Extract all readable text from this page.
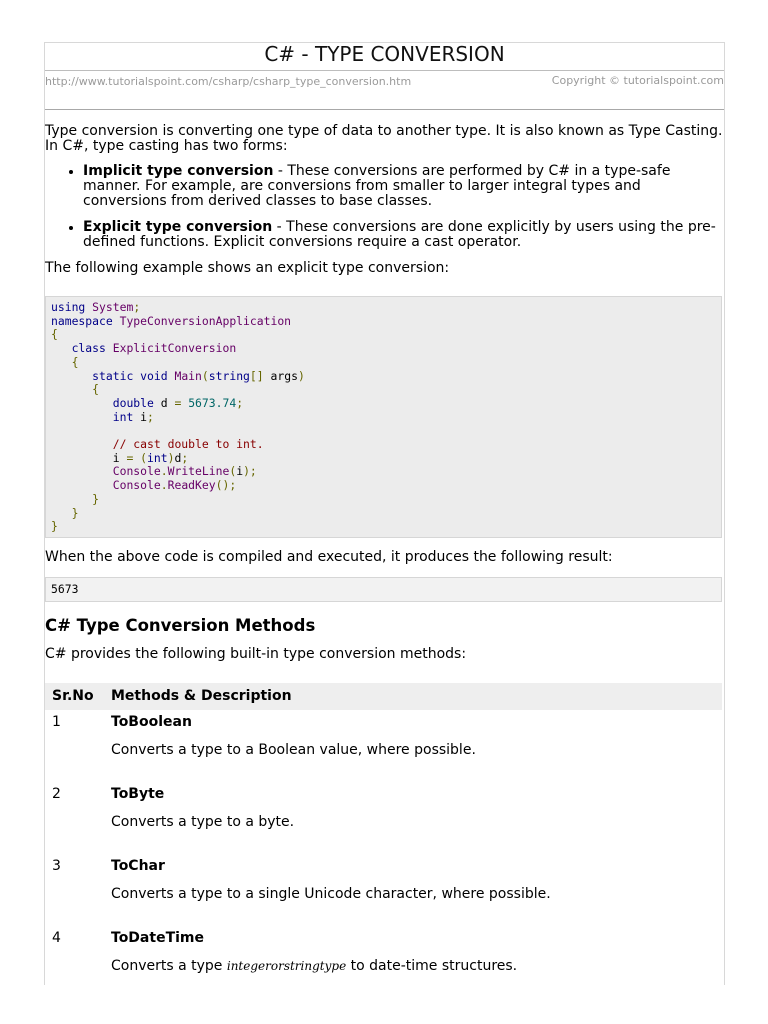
C# - TYPE CONVERSION
http://www.tutorialspoint.com/csharp/csharp_type_conversion.htm	Copyright © tutorialspoint.com

Type conversion is converting one type of data to another type. It is also known as Type Casting. In C#, type casting has two forms:

• Implicit type conversion - These conversions are performed by C# in a type-safe manner. For example, are conversions from smaller to larger integral types and conversions from derived classes to base classes.
• Explicit type conversion - These conversions are done explicitly by users using the pre-defined functions. Explicit conversions require a cast operator.

The following example shows an explicit type conversion:

using System;
namespace TypeConversionApplication
{
class ExplicitConversion
{
static void Main(string[] args)
{
double d = 5673.74;
int i;

// cast double to int.
i = (int)d;
Console.WriteLine(i);
Console.ReadKey();
}
}
}

When the above code is compiled and executed, it produces the following result:

5673
C# Type Conversion Methods

C# provides the following built-in type conversion methods:

Sr.No	Methods & Description
1	ToBoolean
Converts a type to a Boolean value, where possible.

2	ToByte
Converts a type to a byte.

3	ToChar
Converts a type to a single Unicode character, where possible.

4	ToDateTime
Converts a type integerorstringtype to date-time structures.
